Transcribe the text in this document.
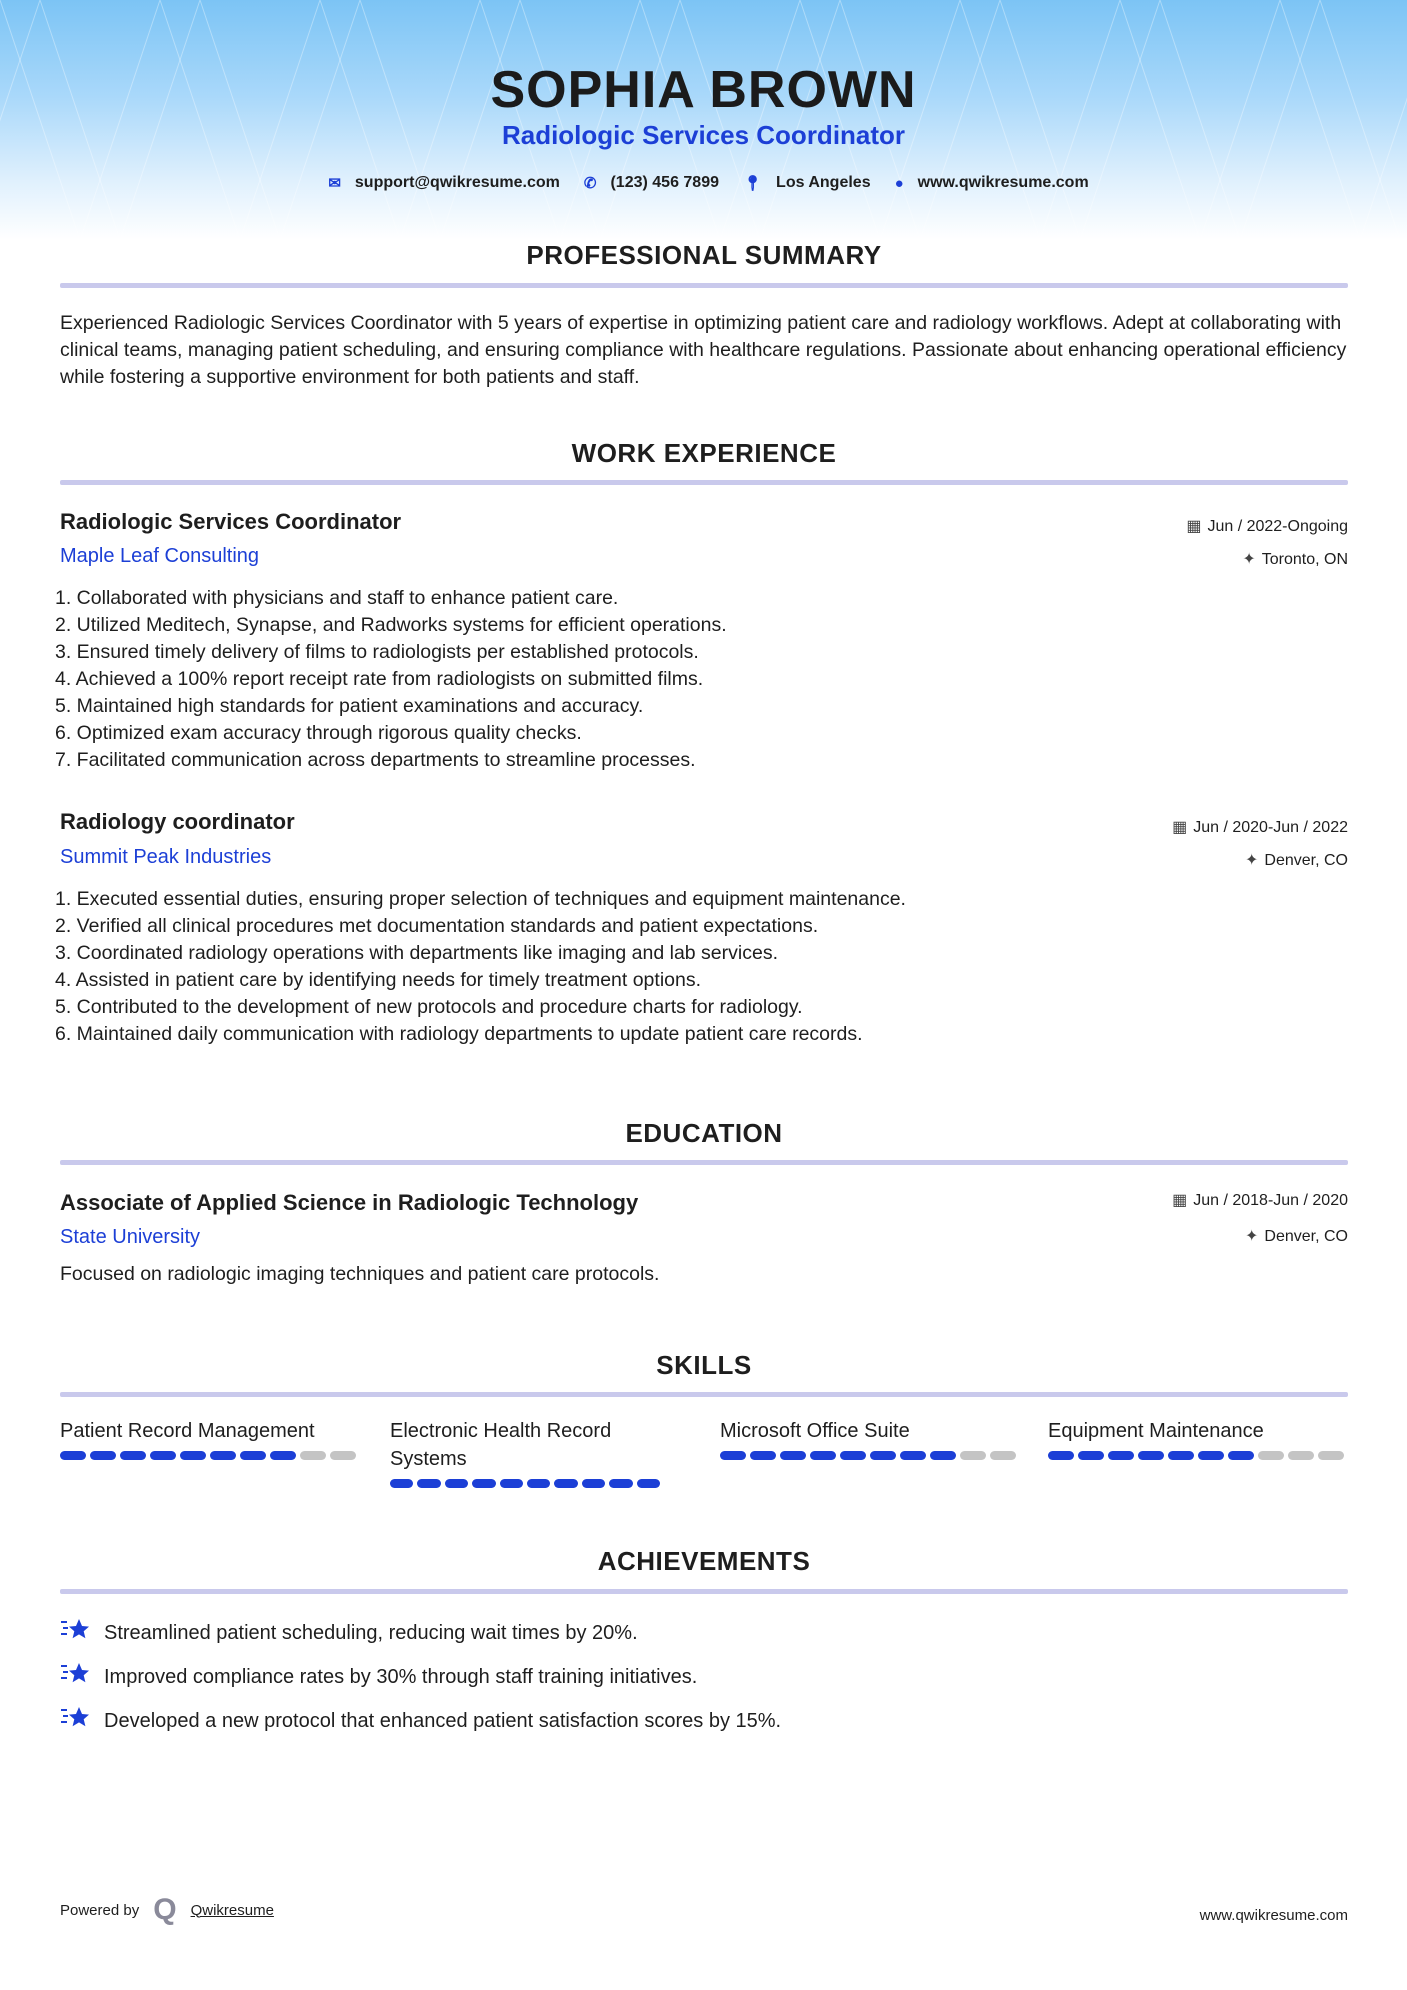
SOPHIA BROWN
Radiologic Services Coordinator
✉ support@qwikresume.com ✆ (123) 456 7899 📍︎ Los Angeles ● www.qwikresume.com
PROFESSIONAL SUMMARY
Experienced Radiologic Services Coordinator with 5 years of expertise in optimizing patient care and radiology workflows. Adept at collaborating with clinical teams, managing patient scheduling, and ensuring compliance with healthcare regulations. Passionate about enhancing operational efficiency while fostering a supportive environment for both patients and staff.
WORK EXPERIENCE
Radiologic Services Coordinator
Maple Leaf Consulting
▦ Jun / 2022-Ongoing
✦ Toronto, ON
1. Collaborated with physicians and staff to enhance patient care.
2. Utilized Meditech, Synapse, and Radworks systems for efficient operations.
3. Ensured timely delivery of films to radiologists per established protocols.
4. Achieved a 100% report receipt rate from radiologists on submitted films.
5. Maintained high standards for patient examinations and accuracy.
6. Optimized exam accuracy through rigorous quality checks.
7. Facilitated communication across departments to streamline processes.
Radiology coordinator
Summit Peak Industries
▦ Jun / 2020-Jun / 2022
✦ Denver, CO
1. Executed essential duties, ensuring proper selection of techniques and equipment maintenance.
2. Verified all clinical procedures met documentation standards and patient expectations.
3. Coordinated radiology operations with departments like imaging and lab services.
4. Assisted in patient care by identifying needs for timely treatment options.
5. Contributed to the development of new protocols and procedure charts for radiology.
6. Maintained daily communication with radiology departments to update patient care records.
EDUCATION
Associate of Applied Science in Radiologic Technology
State University
▦ Jun / 2018-Jun / 2020
✦ Denver, CO
Focused on radiologic imaging techniques and patient care protocols.
SKILLS
Patient Record Management	Electronic Health Record Systems
Microsoft Office Suite	Equipment Maintenance
ACHIEVEMENTS
Streamlined patient scheduling, reducing wait times by 20%.
Improved compliance rates by 30% through staff training initiatives.
Developed a new protocol that enhanced patient satisfaction scores by 15%.
Powered by Q Qwikresume	www.qwikresume.com
